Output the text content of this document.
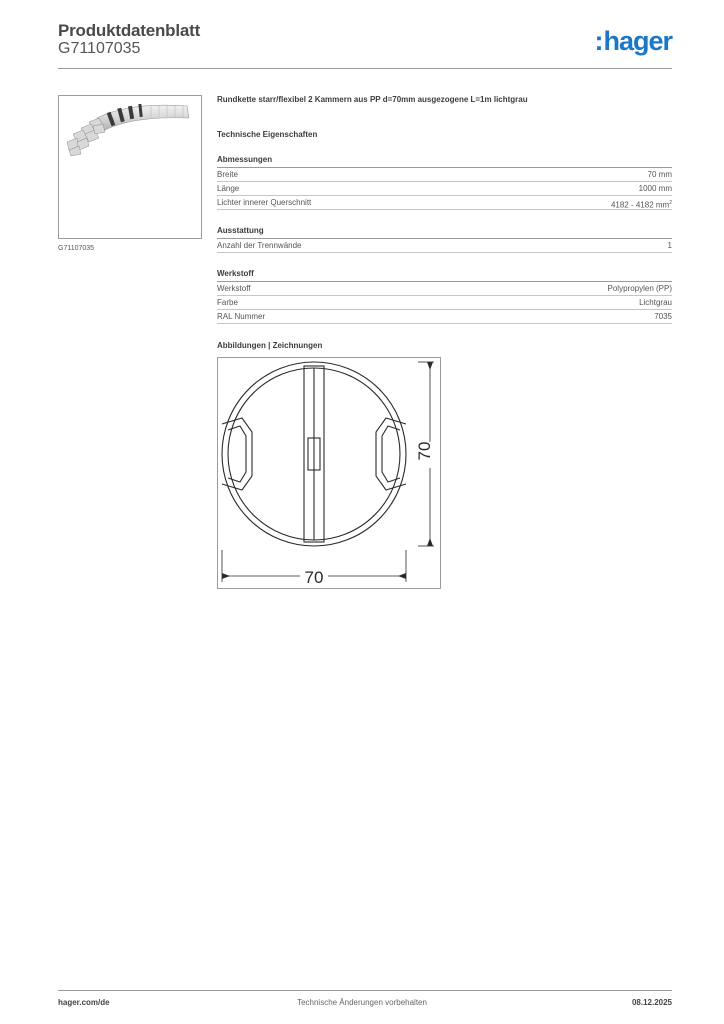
Produktdatenblatt
G71107035	:hager
G71107035

Rundkette starr/flexibel 2 Kammern aus PP d=70mm ausgezogene L=1m lichtgrau

Technische Eigenschaften
Abmessungen
Breite	70 mm
Länge	1000 mm
Lichter innerer Querschnitt	4182 - 4182 $mm^2$
Ausstattung
Anzahl der Trennwände	1
Werkstoff
Werkstoff	Polypropylen (PP)
Farbe	Lichtgrau
RAL Nummer	7035
Abbildungen | Zeichnungen
70
70
hager.com/de	Technische Änderungen vorbehalten	08.12.2025
